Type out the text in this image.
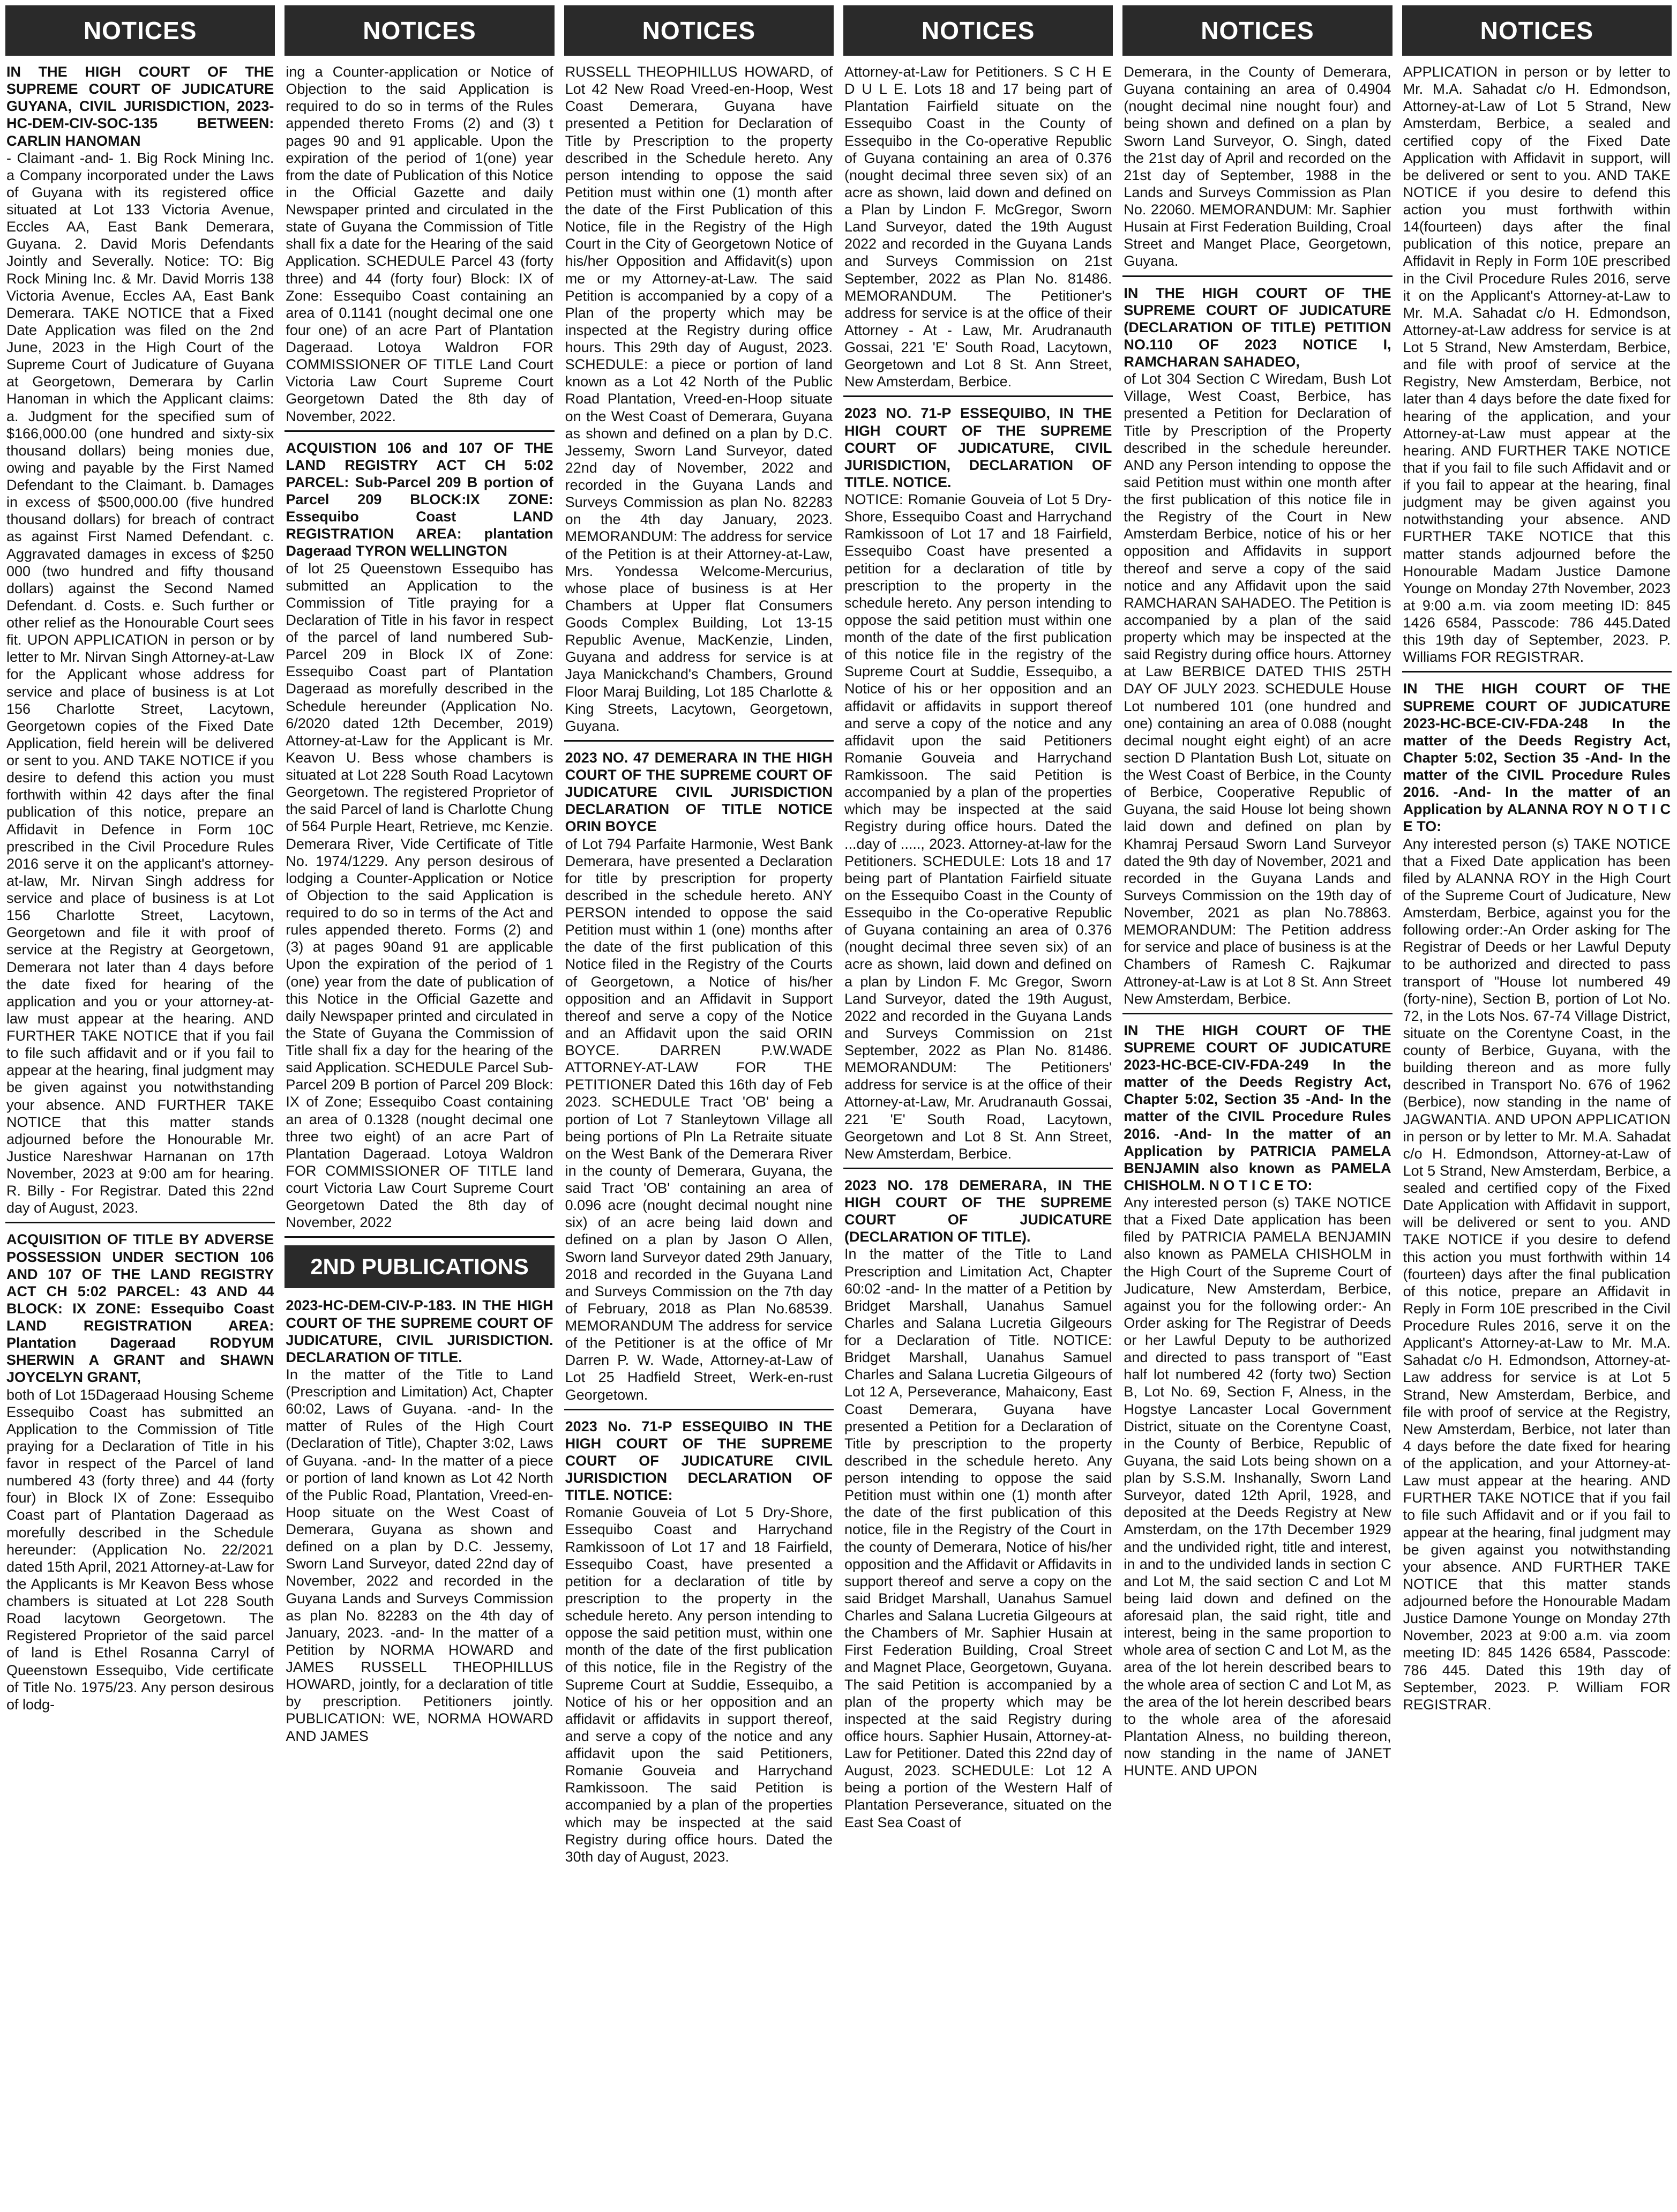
NOTICES
IN THE HIGH COURT OF THE SUPREME COURT OF JUDICATURE GUYANA, CIVIL JURISDICTION, 2023-HC-DEM-CIV-SOC-135 BETWEEN: CARLIN HANOMAN
- Claimant -and- 1. Big Rock Mining Inc. a Company incorporated under the Laws of Guyana with its registered office situated at Lot 133 Victoria Avenue, Eccles AA, East Bank Demerara, Guyana. 2. David Moris Defendants Jointly and Severally. Notice: TO: Big Rock Mining Inc. & Mr. David Morris 138 Victoria Avenue, Eccles AA, East Bank Demerara. TAKE NOTICE that a Fixed Date Application was filed on the 2nd June, 2023 in the High Court of the Supreme Court of Judicature of Guyana at Georgetown, Demerara by Carlin Hanoman in which the Applicant claims: a. Judgment for the specified sum of $166,000.00 (one hundred and sixty-six thousand dollars) being monies due, owing and payable by the First Named Defendant to the Claimant. b. Damages in excess of $500,000.00 (five hundred thousand dollars) for breach of contract as against First Named Defendant. c. Aggravated damages in excess of $250 000 (two hundred and fifty thousand dollars) against the Second Named Defendant. d. Costs. e. Such further or other relief as the Honourable Court sees fit. UPON APPLICATION in person or by letter to Mr. Nirvan Singh Attorney-at-Law for the Applicant whose address for service and place of business is at Lot 156 Charlotte Street, Lacytown, Georgetown copies of the Fixed Date Application, field herein will be delivered or sent to you. AND TAKE NOTICE if you desire to defend this action you must forthwith within 42 days after the final publication of this notice, prepare an Affidavit in Defence in Form 10C prescribed in the Civil Procedure Rules 2016 serve it on the applicant's attorney-at-law, Mr. Nirvan Singh address for service and place of business is at Lot 156 Charlotte Street, Lacytown, Georgetown and file it with proof of service at the Registry at Georgetown, Demerara not later than 4 days before the date fixed for hearing of the application and you or your attorney-at-law must appear at the hearing. AND FURTHER TAKE NOTICE that if you fail to file such affidavit and or if you fail to appear at the hearing, final judgment may be given against you notwithstanding your absence. AND FURTHER TAKE NOTICE that this matter stands adjourned before the Honourable Mr. Justice Nareshwar Harnanan on 17th November, 2023 at 9:00 am for hearing. R. Billy - For Registrar. Dated this 22nd day of August, 2023.
ACQUISITION OF TITLE BY ADVERSE POSSESSION UNDER SECTION 106 AND 107 OF THE LAND REGISTRY ACT CH 5:02 PARCEL: 43 AND 44 BLOCK: IX ZONE: Essequibo Coast LAND REGISTRATION AREA: Plantation Dageraad RODYUM SHERWIN A GRANT and SHAWN JOYCELYN GRANT,
both of Lot 15Dageraad Housing Scheme Essequibo Coast has submitted an Application to the Commission of Title praying for a Declaration of Title in his favor in respect of the Parcel of land numbered 43 (forty three) and 44 (forty four) in Block IX of Zone: Essequibo Coast part of Plantation Dageraad as morefully described in the Schedule hereunder: (Application No. 22/2021 dated 15th April, 2021 Attorney-at-Law for the Applicants is Mr Keavon Bess whose chambers is situated at Lot 228 South Road lacytown Georgetown. The Registered Proprietor of the said parcel of land is Ethel Rosanna Carryl of Queenstown Essequibo, Vide certificate of Title No. 1975/23. Any person desirous of lodg-
NOTICES
ing a Counter-application or Notice of Objection to the said Application is required to do so in terms of the Rules appended thereto Froms (2) and (3) t pages 90 and 91 applicable. Upon the expiration of the period of 1(one) year from the date of Publication of this Notice in the Official Gazette and daily Newspaper printed and circulated in the state of Guyana the Commission of Title shall fix a date for the Hearing of the said Application. SCHEDULE Parcel 43 (forty three) and 44 (forty four) Block: IX of Zone: Essequibo Coast containing an area of 0.1141 (nought decimal one one four one) of an acre Part of Plantation Dageraad. Lotoya Waldron FOR COMMISSIONER OF TITLE Land Court Victoria Law Court Supreme Court Georgetown Dated the 8th day of November, 2022.
ACQUISTION 106 and 107 OF THE LAND REGISTRY ACT CH 5:02 PARCEL: Sub-Parcel 209 B portion of Parcel 209 BLOCK:IX ZONE: Essequibo Coast LAND REGISTRATION AREA: plantation Dageraad TYRON WELLINGTON
of lot 25 Queenstown Essequibo has submitted an Application to the Commission of Title praying for a Declaration of Title in his favor in respect of the parcel of land numbered Sub-Parcel 209 in Block IX of Zone: Essequibo Coast part of Plantation Dageraad as morefully described in the Schedule hereunder (Application No. 6/2020 dated 12th December, 2019) Attorney-at-Law for the Applicant is Mr. Keavon U. Bess whose chambers is situated at Lot 228 South Road Lacytown Georgetown. The registered Proprietor of the said Parcel of land is Charlotte Chung of 564 Purple Heart, Retrieve, mc Kenzie. Demerara River, Vide Certificate of Title No. 1974/1229. Any person desirous of lodging a Counter-Application or Notice of Objection to the said Application is required to do so in terms of the Act and rules appended thereto. Forms (2) and (3) at pages 90and 91 are applicable Upon the expiration of the period of 1 (one) year from the date of publication of this Notice in the Official Gazette and daily Newspaper printed and circulated in the State of Guyana the Commission of Title shall fix a day for the hearing of the said Application. SCHEDULE Parcel Sub-Parcel 209 B portion of Parcel 209 Block: IX of Zone; Essequibo Coast containing an area of 0.1328 (nought decimal one three two eight) of an acre Part of Plantation Dageraad. Lotoya Waldron FOR COMMISSIONER OF TITLE land court Victoria Law Court Supreme Court Georgetown Dated the 8th day of November, 2022
2ND PUBLICATIONS
2023-HC-DEM-CIV-P-183. IN THE HIGH COURT OF THE SUPREME COURT OF JUDICATURE, CIVIL JURISDICTION. DECLARATION OF TITLE.
In the matter of the Title to Land (Prescription and Limitation) Act, Chapter 60:02, Laws of Guyana. -and- In the matter of Rules of the High Court (Declaration of Title), Chapter 3:02, Laws of Guyana. -and- In the matter of a piece or portion of land known as Lot 42 North of the Public Road, Plantation, Vreed-en-Hoop situate on the West Coast of Demerara, Guyana as shown and defined on a plan by D.C. Jessemy, Sworn Land Surveyor, dated 22nd day of November, 2022 and recorded in the Guyana Lands and Surveys Commission as plan No. 82283 on the 4th day of January, 2023. -and- In the matter of a Petition by NORMA HOWARD and JAMES RUSSELL THEOPHILLUS HOWARD, jointly, for a declaration of title by prescription. Petitioners jointly. PUBLICATION: WE, NORMA HOWARD AND JAMES
NOTICES
RUSSELL THEOPHILLUS HOWARD, of Lot 42 New Road Vreed-en-Hoop, West Coast Demerara, Guyana have presented a Petition for Declaration of Title by Prescription to the property described in the Schedule hereto. Any person intending to oppose the said Petition must within one (1) month after the date of the First Publication of this Notice, file in the Registry of the High Court in the City of Georgetown Notice of his/her Opposition and Affidavit(s) upon me or my Attorney-at-Law. The said Petition is accompanied by a copy of a Plan of the property which may be inspected at the Registry during office hours. This 29th day of August, 2023. SCHEDULE: a piece or portion of land known as a Lot 42 North of the Public Road Plantation, Vreed-en-Hoop situate on the West Coast of Demerara, Guyana as shown and defined on a plan by D.C. Jessemy, Sworn Land Surveyor, dated 22nd day of November, 2022 and recorded in the Guyana Lands and Surveys Commission as plan No. 82283 on the 4th day January, 2023. MEMORANDUM: The address for service of the Petition is at their Attorney-at-Law, Mrs. Yondessa Welcome-Mercurius, whose place of business is at Her Chambers at Upper flat Consumers Goods Complex Building, Lot 13-15 Republic Avenue, MacKenzie, Linden, Guyana and address for service is at Jaya Manickchand's Chambers, Ground Floor Maraj Building, Lot 185 Charlotte & King Streets, Lacytown, Georgetown, Guyana.
2023 NO. 47 DEMERARA IN THE HIGH COURT OF THE SUPREME COURT OF JUDICATURE CIVIL JURISDICTION DECLARATION OF TITLE NOTICE ORIN BOYCE
of Lot 794 Parfaite Harmonie, West Bank Demerara, have presented a Declaration for title by prescription for property described in the schedule hereto. ANY PERSON intended to oppose the said Petition must within 1 (one) months after the date of the first publication of this Notice filed in the Registry of the Courts of Georgetown, a Notice of his/her opposition and an Affidavit in Support thereof and serve a copy of the Notice and an Affidavit upon the said ORIN BOYCE. DARREN P.W.WADE ATTORNEY-AT-LAW FOR THE PETITIONER Dated this 16th day of Feb 2023. SCHEDULE Tract 'OB' being a portion of Lot 7 Stanleytown Village all being portions of Pln La Retraite situate on the West Bank of the Demerara River in the county of Demerara, Guyana, the said Tract 'OB' containing an area of 0.096 acre (nought decimal nought nine six) of an acre being laid down and defined on a plan by Jason O Allen, Sworn land Surveyor dated 29th January, 2018 and recorded in the Guyana Land and Surveys Commission on the 7th day of February, 2018 as Plan No.68539. MEMORANDUM The address for service of the Petitioner is at the office of Mr Darren P. W. Wade, Attorney-at-Law of Lot 25 Hadfield Street, Werk-en-rust Georgetown.
2023 No. 71-P ESSEQUIBO IN THE HIGH COURT OF THE SUPREME COURT OF JUDICATURE CIVIL JURISDICTION DECLARATION OF TITLE. NOTICE:
Romanie Gouveia of Lot 5 Dry-Shore, Essequibo Coast and Harrychand Ramkissoon of Lot 17 and 18 Fairfield, Essequibo Coast, have presented a petition for a declaration of title by prescription to the property in the schedule hereto. Any person intending to oppose the said petition must, within one month of the date of the first publication of this notice, file in the Registry of the Supreme Court at Suddie, Essequibo, a Notice of his or her opposition and an affidavit or affidavits in support thereof, and serve a copy of the notice and any affidavit upon the said Petitioners, Romanie Gouveia and Harrychand Ramkissoon. The said Petition is accompanied by a plan of the properties which may be inspected at the said Registry during office hours. Dated the 30th day of August, 2023.
NOTICES
Attorney-at-Law for Petitioners. S C H E D U L E. Lots 18 and 17 being part of Plantation Fairfield situate on the Essequibo Coast in the County of Essequibo in the Co-operative Republic of Guyana containing an area of 0.376 (nought decimal three seven six) of an acre as shown, laid down and defined on a Plan by Lindon F. McGregor, Sworn Land Surveyor, dated the 19th August 2022 and recorded in the Guyana Lands and Surveys Commission on 21st September, 2022 as Plan No. 81486. MEMORANDUM. The Petitioner's address for service is at the office of their Attorney - At - Law, Mr. Arudranauth Gossai, 221 'E' South Road, Lacytown, Georgetown and Lot 8 St. Ann Street, New Amsterdam, Berbice.
2023 NO. 71-P ESSEQUIBO, IN THE HIGH COURT OF THE SUPREME COURT OF JUDICATURE, CIVIL JURISDICTION, DECLARATION OF TITLE. NOTICE.
NOTICE: Romanie Gouveia of Lot 5 Dry-Shore, Essequibo Coast and Harrychand Ramkissoon of Lot 17 and 18 Fairfield, Essequibo Coast have presented a petition for a declaration of title by prescription to the property in the schedule hereto. Any person intending to oppose the said petition must within one month of the date of the first publication of this notice file in the registry of the Supreme Court at Suddie, Essequibo, a Notice of his or her opposition and an affidavit or affidavits in support thereof and serve a copy of the notice and any affidavit upon the said Petitioners Romanie Gouveia and Harrychand Ramkissoon. The said Petition is accompanied by a plan of the properties which may be inspected at the said Registry during office hours. Dated the ...day of ....., 2023. Attorney-at-law for the Petitioners. SCHEDULE: Lots 18 and 17 being part of Plantation Fairfield situate on the Essequibo Coast in the County of Essequibo in the Co-operative Republic of Guyana containing an area of 0.376 (nought decimal three seven six) of an acre as shown, laid down and defined on a plan by Lindon F. Mc Gregor, Sworn Land Surveyor, dated the 19th August, 2022 and recorded in the Guyana Lands and Surveys Commission on 21st September, 2022 as Plan No. 81486. MEMORANDUM: The Petitioners' address for service is at the office of their Attorney-at-Law, Mr. Arudranauth Gossai, 221 'E' South Road, Lacytown, Georgetown and Lot 8 St. Ann Street, New Amsterdam, Berbice.
2023 NO. 178 DEMERARA, IN THE HIGH COURT OF THE SUPREME COURT OF JUDICATURE (DECLARATION OF TITLE).
In the matter of the Title to Land Prescription and Limitation Act, Chapter 60:02 -and- In the matter of a Petition by Bridget Marshall, Uanahus Samuel Charles and Salana Lucretia Gilgeours for a Declaration of Title. NOTICE: Bridget Marshall, Uanahus Samuel Charles and Salana Lucretia Gilgeours of Lot 12 A, Perseverance, Mahaicony, East Coast Demerara, Guyana have presented a Petition for a Declaration of Title by prescription to the property described in the schedule hereto. Any person intending to oppose the said Petition must within one (1) month after the date of the first publication of this notice, file in the Registry of the Court in the county of Demerara, Notice of his/her opposition and the Affidavit or Affidavits in support thereof and serve a copy on the said Bridget Marshall, Uanahus Samuel Charles and Salana Lucretia Gilgeours at the Chambers of Mr. Saphier Husain at First Federation Building, Croal Street and Magnet Place, Georgetown, Guyana. The said Petition is accompanied by a plan of the property which may be inspected at the said Registry during office hours. Saphier Husain, Attorney-at-Law for Petitioner. Dated this 22nd day of August, 2023. SCHEDULE: Lot 12 A being a portion of the Western Half of Plantation Perseverance, situated on the East Sea Coast of
NOTICES
Demerara, in the County of Demerara, Guyana containing an area of 0.4904 (nought decimal nine nought four) and being shown and defined on a plan by Sworn Land Surveyor, O. Singh, dated the 21st day of April and recorded on the 21st day of September, 1988 in the Lands and Surveys Commission as Plan No. 22060. MEMORANDUM: Mr. Saphier Husain at First Federation Building, Croal Street and Manget Place, Georgetown, Guyana.
IN THE HIGH COURT OF THE SUPREME COURT OF JUDICATURE (DECLARATION OF TITLE) PETITION NO.110 OF 2023 NOTICE I, RAMCHARAN SAHADEO,
of Lot 304 Section C Wiredam, Bush Lot Village, West Coast, Berbice, has presented a Petition for Declaration of Title by Prescription of the Property described in the schedule hereunder. AND any Person intending to oppose the said Petition must within one month after the first publication of this notice file in the Registry of the Court in New Amsterdam Berbice, notice of his or her opposition and Affidavits in support thereof and serve a copy of the said notice and any Affidavit upon the said RAMCHARAN SAHADEO. The Petition is accompanied by a plan of the said property which may be inspected at the said Registry during office hours. Attorney at Law BERBICE DATED THIS 25TH DAY OF JULY 2023. SCHEDULE House Lot numbered 101 (one hundred and one) containing an area of 0.088 (nought decimal nought eight eight) of an acre section D Plantation Bush Lot, situate on the West Coast of Berbice, in the County of Berbice, Cooperative Republic of Guyana, the said House lot being shown laid down and defined on plan by Khamraj Persaud Sworn Land Surveyor dated the 9th day of November, 2021 and recorded in the Guyana Lands and Surveys Commission on the 19th day of November, 2021 as plan No.78863. MEMORANDUM: The Petition address for service and place of business is at the Chambers of Ramesh C. Rajkumar Attroney-at-Law is at Lot 8 St. Ann Street New Amsterdam, Berbice.
IN THE HIGH COURT OF THE SUPREME COURT OF JUDICATURE 2023-HC-BCE-CIV-FDA-249 In the matter of the Deeds Registry Act, Chapter 5:02, Section 35 -And- In the matter of the CIVIL Procedure Rules 2016. -And- In the matter of an Application by PATRICIA PAMELA BENJAMIN also known as PAMELA CHISHOLM. N O T I C E TO:
Any interested person (s) TAKE NOTICE that a Fixed Date application has been filed by PATRICIA PAMELA BENJAMIN also known as PAMELA CHISHOLM in the High Court of the Supreme Court of Judicature, New Amsterdam, Berbice, against you for the following order:- An Order asking for The Registrar of Deeds or her Lawful Deputy to be authorized and directed to pass transport of "East half lot numbered 42 (forty two) Section B, Lot No. 69, Section F, Alness, in the Hogstye Lancaster Local Government District, situate on the Corentyne Coast, in the County of Berbice, Republic of Guyana, the said Lots being shown on a plan by S.S.M. Inshanally, Sworn Land Surveyor, dated 12th April, 1928, and deposited at the Deeds Registry at New Amsterdam, on the 17th December 1929 and the undivided right, title and interest, in and to the undivided lands in section C and Lot M, the said section C and Lot M being laid down and defined on the aforesaid plan, the said right, title and interest, being in the same proportion to whole area of section C and Lot M, as the area of the lot herein described bears to the whole area of section C and Lot M, as the area of the lot herein described bears to the whole area of the aforesaid Plantation Alness, no building thereon, now standing in the name of JANET HUNTE. AND UPON
NOTICES
APPLICATION in person or by letter to Mr. M.A. Sahadat c/o H. Edmondson, Attorney-at-Law of Lot 5 Strand, New Amsterdam, Berbice, a sealed and certified copy of the Fixed Date Application with Affidavit in support, will be delivered or sent to you. AND TAKE NOTICE if you desire to defend this action you must forthwith within 14(fourteen) days after the final publication of this notice, prepare an Affidavit in Reply in Form 10E prescribed in the Civil Procedure Rules 2016, serve it on the Applicant's Attorney-at-Law to Mr. M.A. Sahadat c/o H. Edmondson, Attorney-at-Law address for service is at Lot 5 Strand, New Amsterdam, Berbice, and file with proof of service at the Registry, New Amsterdam, Berbice, not later than 4 days before the date fixed for hearing of the application, and your Attorney-at-Law must appear at the hearing. AND FURTHER TAKE NOTICE that if you fail to file such Affidavit and or if you fail to appear at the hearing, final judgment may be given against you notwithstanding your absence. AND FURTHER TAKE NOTICE that this matter stands adjourned before the Honourable Madam Justice Damone Younge on Monday 27th November, 2023 at 9:00 a.m. via zoom meeting ID: 845 1426 6584, Passcode: 786 445.Dated this 19th day of September, 2023. P. Williams FOR REGISTRAR.
IN THE HIGH COURT OF THE SUPREME COURT OF JUDICATURE 2023-HC-BCE-CIV-FDA-248 In the matter of the Deeds Registry Act, Chapter 5:02, Section 35 -And- In the matter of the CIVIL Procedure Rules 2016. -And- In the matter of an Application by ALANNA ROY N O T I C E TO:
Any interested person (s) TAKE NOTICE that a Fixed Date application has been filed by ALANNA ROY in the High Court of the Supreme Court of Judicature, New Amsterdam, Berbice, against you for the following order:-An Order asking for The Registrar of Deeds or her Lawful Deputy to be authorized and directed to pass transport of "House lot numbered 49 (forty-nine), Section B, portion of Lot No. 72, in the Lots Nos. 67-74 Village District, situate on the Corentyne Coast, in the county of Berbice, Guyana, with the building thereon and as more fully described in Transport No. 676 of 1962 (Berbice), now standing in the name of JAGWANTIA. AND UPON APPLICATION in person or by letter to Mr. M.A. Sahadat c/o H. Edmondson, Attorney-at-Law of Lot 5 Strand, New Amsterdam, Berbice, a sealed and certified copy of the Fixed Date Application with Affidavit in support, will be delivered or sent to you. AND TAKE NOTICE if you desire to defend this action you must forthwith within 14 (fourteen) days after the final publication of this notice, prepare an Affidavit in Reply in Form 10E prescribed in the Civil Procedure Rules 2016, serve it on the Applicant's Attorney-at-Law to Mr. M.A. Sahadat c/o H. Edmondson, Attorney-at-Law address for service is at Lot 5 Strand, New Amsterdam, Berbice, and file with proof of service at the Registry, New Amsterdam, Berbice, not later than 4 days before the date fixed for hearing of the application, and your Attorney-at-Law must appear at the hearing. AND FURTHER TAKE NOTICE that if you fail to file such Affidavit and or if you fail to appear at the hearing, final judgment may be given against you notwithstanding your absence. AND FURTHER TAKE NOTICE that this matter stands adjourned before the Honourable Madam Justice Damone Younge on Monday 27th November, 2023 at 9:00 a.m. via zoom meeting ID: 845 1426 6584, Passcode: 786 445. Dated this 19th day of September, 2023. P. William FOR REGISTRAR.
